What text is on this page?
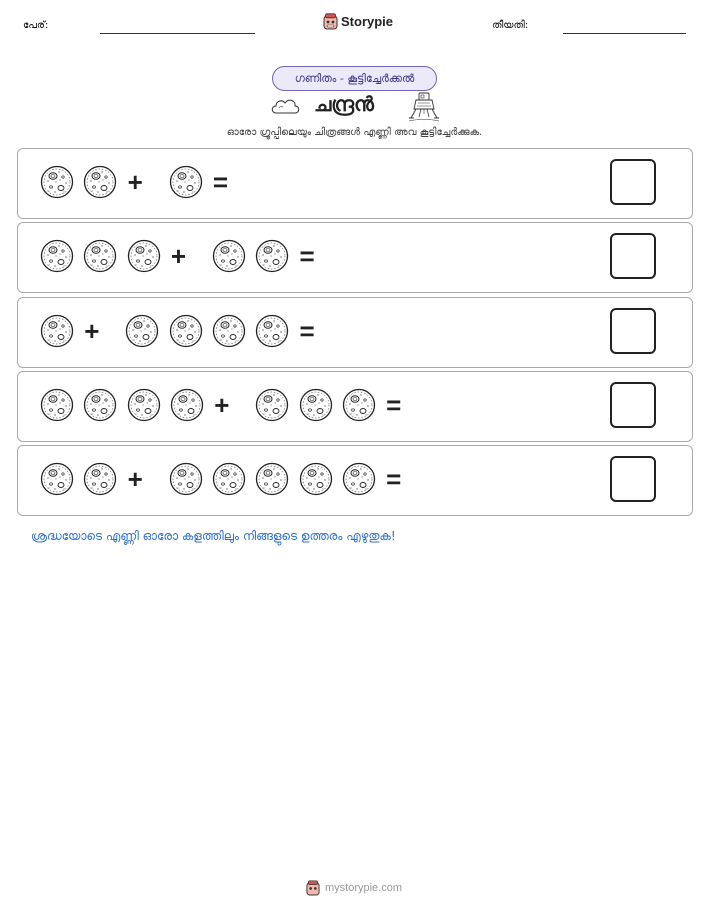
പേര്:	Storypie	തീയതി:
ഗണിതം - കൂട്ടിച്ചേർക്കൽ
ചന്ദ്രൻ
ഓരോ ഗ്രൂപ്പിലെയും ചിത്രങ്ങൾ എണ്ണി അവ കൂട്ടിച്ചേർക്കുക.
+	=
+	=
+	=
+	=
+	=
ശ്രദ്ധയോടെ എണ്ണി ഓരോ കളത്തിലും നിങ്ങളുടെ ഉത്തരം എഴുതുക!
mystorypie.com
